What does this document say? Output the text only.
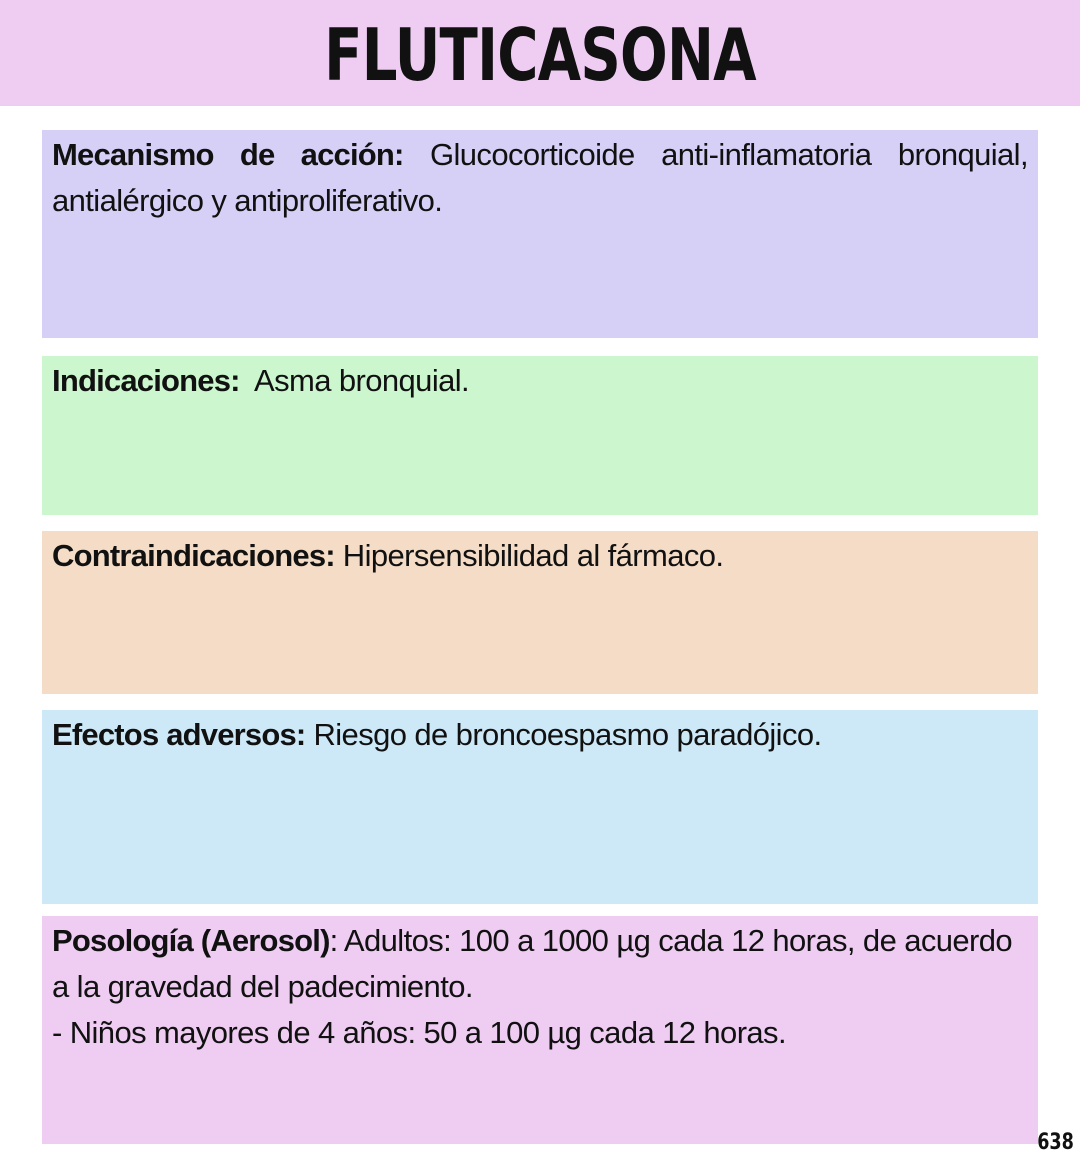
FLUTICASONA
Mecanismo de acción: Glucocorticoide anti-inflamatoria bronquial, antialérgico y antiproliferativo.
Indicaciones:  Asma bronquial.
Contraindicaciones: Hipersensibilidad al fármaco.
Efectos adversos: Riesgo de broncoespasmo paradójico.
Posología (Aerosol): Adultos: 100 a 1000 µg cada 12 horas, de acuerdo a la gravedad del padecimiento.
- Niños mayores de 4 años: 50 a 100 µg cada 12 horas.
638
